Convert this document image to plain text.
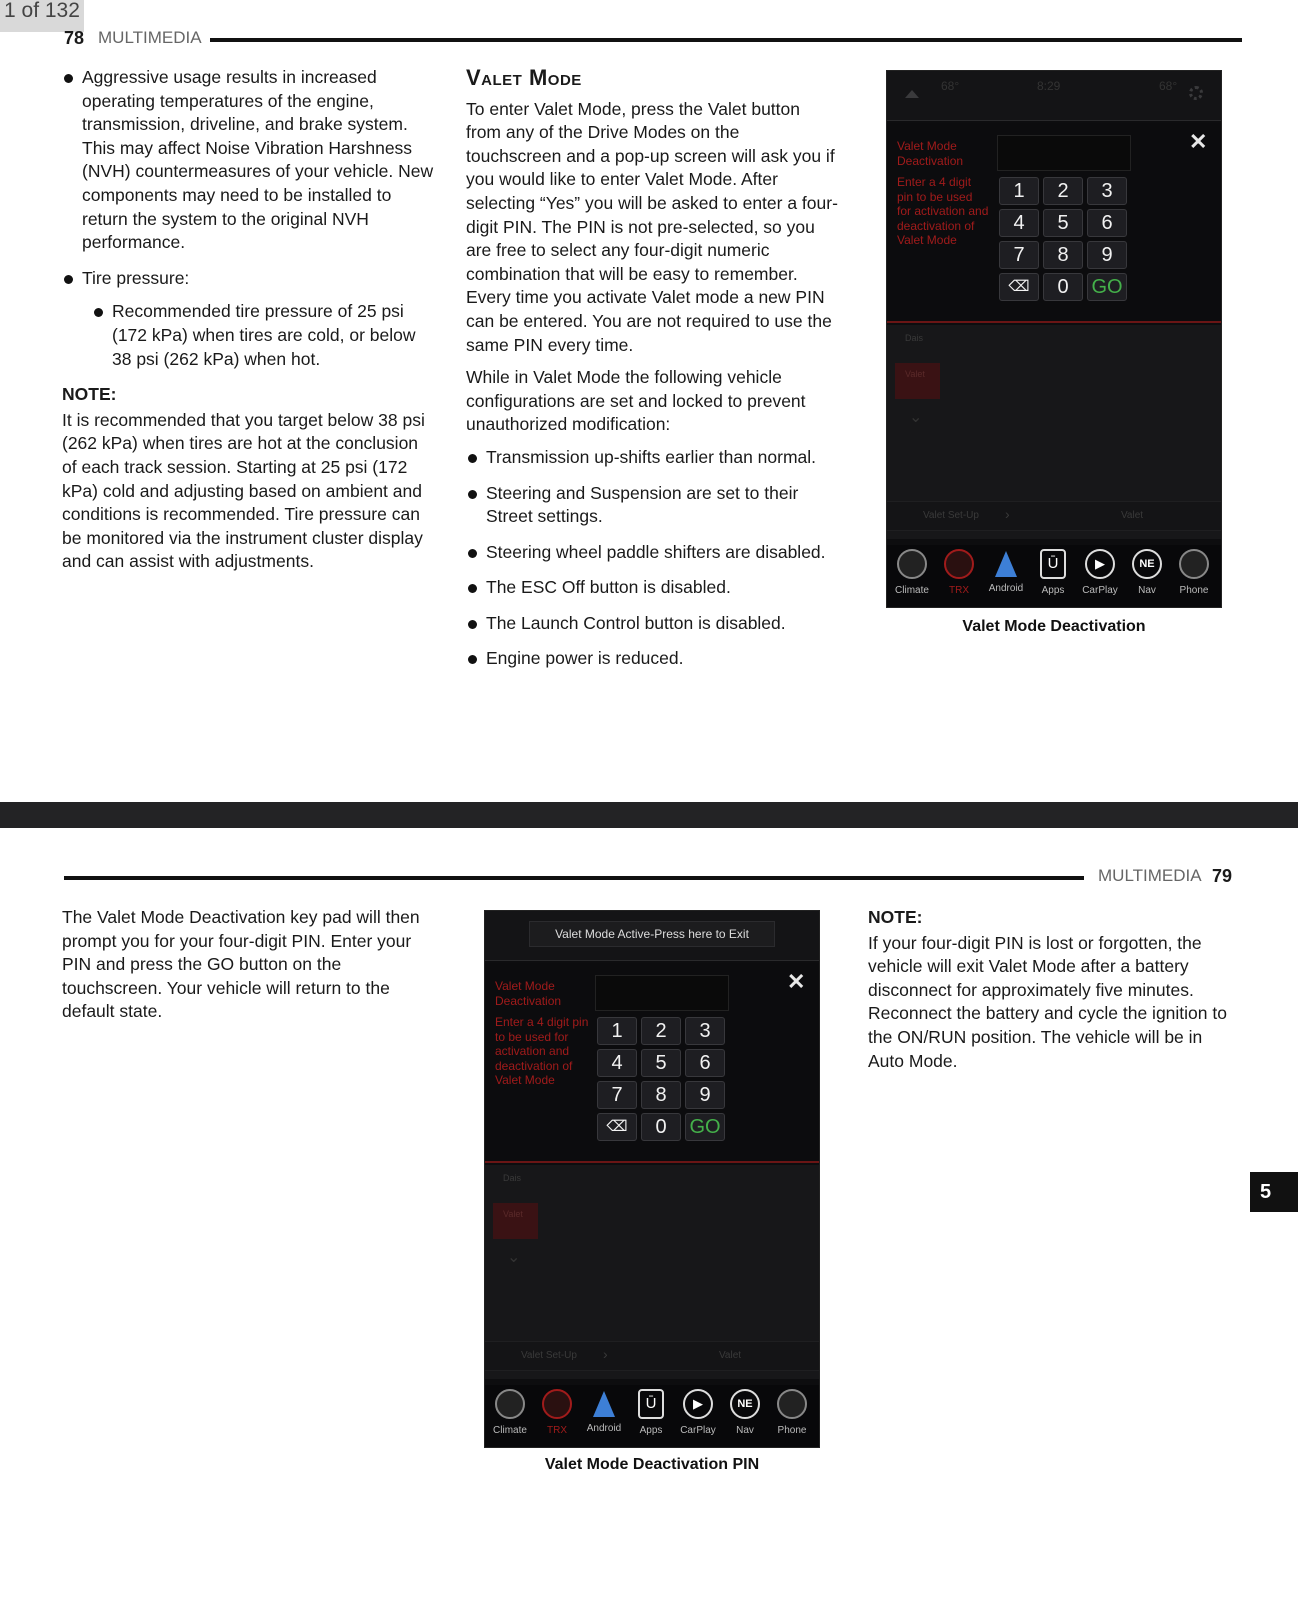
1 of 132
78 MULTIMEDIA
Aggressive usage results in increased operating temperatures of the engine, transmission, driveline, and brake system. This may affect Noise Vibration Harshness (NVH) countermeasures of your vehicle. New components may need to be installed to return the system to the original NVH performance.
Tire pressure:
Recommended tire pressure of 25 psi (172 kPa) when tires are cold, or below 38 psi (262 kPa) when hot.
NOTE:

It is recommended that you target below 38 psi (262 kPa) when tires are hot at the conclusion of each track session. Starting at 25 psi (172 kPa) cold and adjusting based on ambient and conditions is recommended. Tire pressure can be monitored via the instrument cluster display and can assist with adjustments.

Valet Mode

To enter Valet Mode, press the Valet button from any of the Drive Modes on the touchscreen and a pop-up screen will ask you if you would like to enter Valet Mode. After selecting “Yes” you will be asked to enter a four-digit PIN. The PIN is not pre-selected, so you are free to select any four-digit numeric combination that will be easy to remember. Every time you activate Valet mode a new PIN can be entered. You are not required to use the same PIN every time.

While in Valet Mode the following vehicle configurations are set and locked to prevent unauthorized modification:

Transmission up-shifts earlier than normal.
Steering and Suspension are set to their Street settings.
Steering wheel paddle shifters are disabled.
The ESC Off button is disabled.
The Launch Control button is disabled.
Engine power is reduced.
68°	8:29	68°
Valet Mode Deactivation
Enter a 4 digit pin to be used for activation and deactivation of Valet Mode
✕
1	2	3
4	5	6
7	8	9
⌫	0	GO
Dais
Valet
⌄
Valet Set-Up ›	Valet
Climate	TRX	Android
Ū
Apps
▶
CarPlay
NE
Nav	Phone
Valet Mode Deactivation
MULTIMEDIA 79

The Valet Mode Deactivation key pad will then prompt you for your four-digit PIN. Enter your PIN and press the GO button on the touchscreen. Your vehicle will return to the default state.

Valet Mode Active-Press here to Exit
Valet Mode Deactivation
Enter a 4 digit pin to be used for activation and deactivation of Valet Mode
✕
1	2	3
4	5	6
7	8	9
⌫	0	GO
Dais
Valet
⌄
Valet Set-Up ›	Valet
Climate	TRX	Android
Ū
Apps
▶
CarPlay
NE
Nav	Phone
Valet Mode Deactivation PIN
NOTE:

If your four-digit PIN is lost or forgotten, the vehicle will exit Valet Mode after a battery disconnect for approximately five minutes. Reconnect the battery and cycle the ignition to the ON/RUN position. The vehicle will be in Auto Mode.

5
